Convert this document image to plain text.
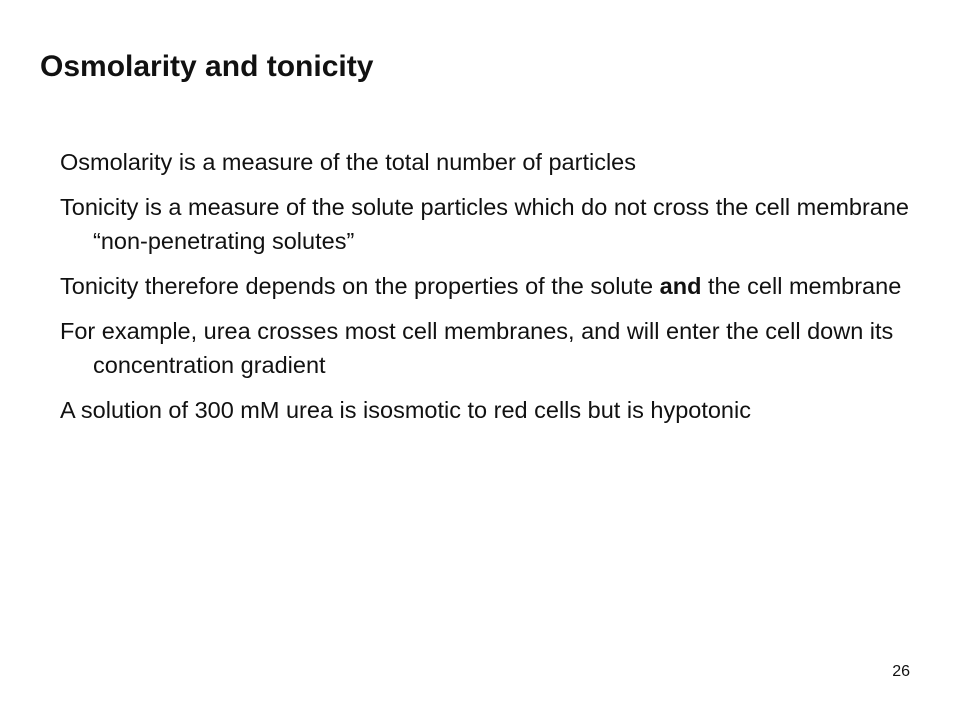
Osmolarity and tonicity
Osmolarity is a measure of the total number of particles
Tonicity is a measure of the solute particles which do not cross the cell membrane “non-penetrating solutes”
Tonicity therefore depends on the properties of the solute and the cell membrane
For example, urea crosses most cell membranes, and will enter the cell down its concentration gradient
A solution of 300 mM urea is isosmotic to red cells but is hypotonic
26
